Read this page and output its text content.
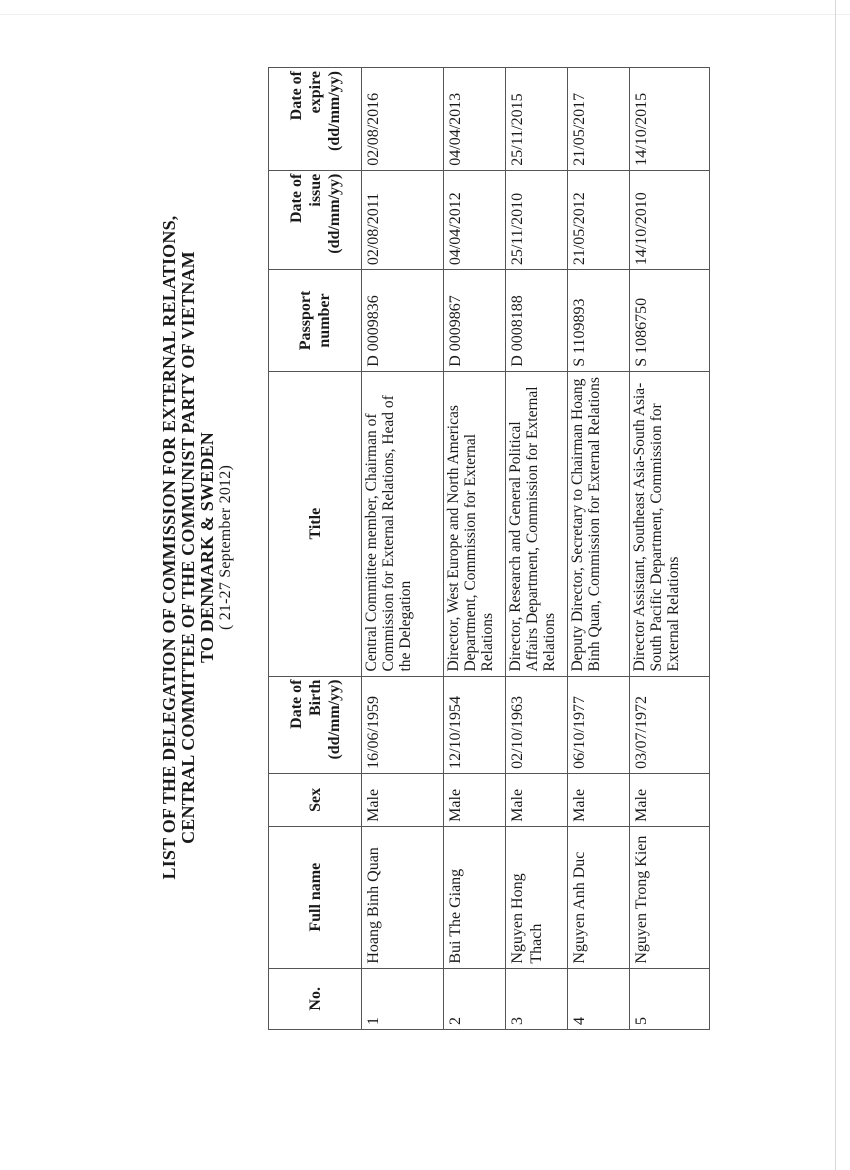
LIST OF THE DELEGATION OF COMMISSION FOR EXTERNAL RELATIONS, CENTRAL COMMITTEE OF THE COMMUNIST PARTY OF VIETNAM TO DENMARK & SWEDEN ( 21-27 September 2012)
No.	Full name	Sex	Date of Birth (dd/mm/yy)	Title	Passport number	Date of issue (dd/mm/yy)	Date of expire (dd/mm/yy)
1	Hoang Binh Quan	Male	16/06/1959	Central Committee member, Chairman of Commission for External Relations, Head of the Delegation	D 0009836	02/08/2011	02/08/2016
2	Bui The Giang	Male	12/10/1954	Director, West Europe and North Americas Department, Commission for External Relations	D 0009867	04/04/2012	04/04/2013
3	Nguyen Hong Thach	Male	02/10/1963	Director, Research and General Political Affairs Department, Commission for External Relations	D 0008188	25/11/2010	25/11/2015
4	Nguyen Anh Duc	Male	06/10/1977	Deputy Director, Secretary to Chairman Hoang Binh Quan, Commission for External Relations	S 1109893	21/05/2012	21/05/2017
5	Nguyen Trong Kien	Male	03/07/1972	Director Assistant, Southeast Asia-South Asia- South Pacific Department, Commission for External Relations	S 1086750	14/10/2010	14/10/2015
